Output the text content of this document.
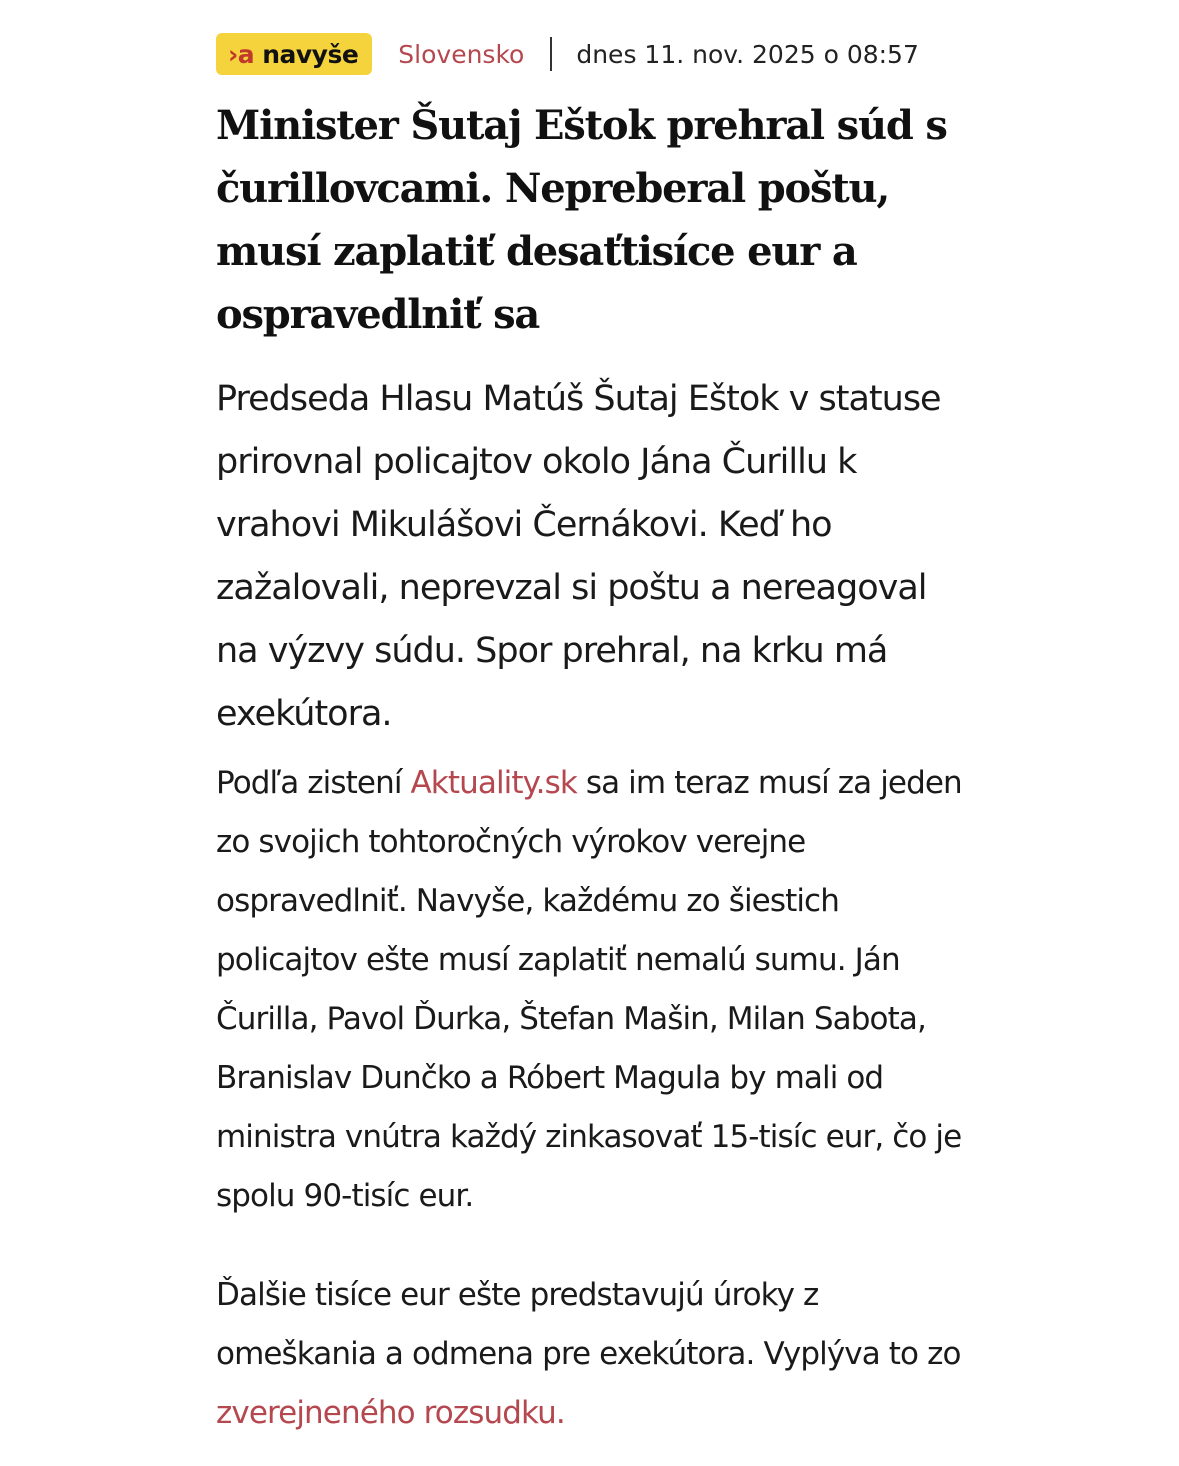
›a navyše Slovensko dnes 11. nov. 2025 o 08:57
Minister Šutaj Eštok prehral súd s čurillovcami. Nepreberal poštu, musí zaplatiť desaťtisíce eur a ospravedlniť sa

Predseda Hlasu Matúš Šutaj Eštok v statuse prirovnal policajtov okolo Jána Čurillu k vrahovi Mikulášovi Černákovi. Keď ho zažalovali, neprevzal si poštu a nereagoval na výzvy súdu. Spor prehral, na krku má exekútora.

Podľa zistení Aktuality.sk sa im teraz musí za jeden zo svojich tohtoročných výrokov verejne ospravedlniť. Navyše, každému zo šiestich policajtov ešte musí zaplatiť nemalú sumu. Ján Čurilla, Pavol Ďurka, Štefan Mašin, Milan Sabota, Branislav Dunčko a Róbert Magula by mali od ministra vnútra každý zinkasovať 15-tisíc eur, čo je spolu 90-tisíc eur.

Ďalšie tisíce eur ešte predstavujú úroky z omeškania a odmena pre exekútora. Vyplýva to zo zverejneného rozsudku.
